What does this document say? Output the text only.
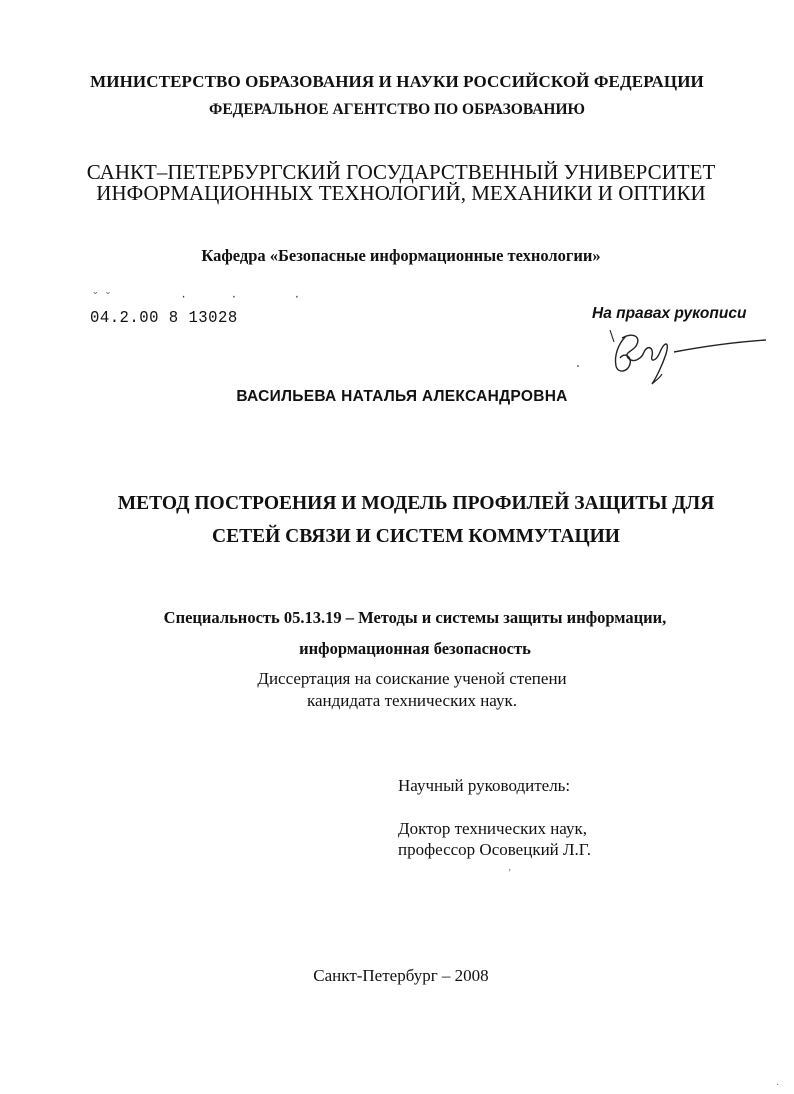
МИНИСТЕРСТВО ОБРАЗОВАНИЯ И НАУКИ РОССИЙСКОЙ ФЕДЕРАЦИИ
ФЕДЕРАЛЬНОЕ АГЕНТСТВО ПО ОБРАЗОВАНИЮ
САНКТ–ПЕТЕРБУРГСКИЙ ГОСУДАРСТВЕННЫЙ УНИВЕРСИТЕТ
ИНФОРМАЦИОННЫХ ТЕХНОЛОГИЙ, МЕХАНИКИ И ОПТИКИ
Кафедра «Безопасные информационные технологии»
˘˘     ·   ·    ·
04.2.00 8 13028	На правах рукописи
ВАСИЛЬЕВА НАТАЛЬЯ АЛЕКСАНДРОВНА
МЕТОД ПОСТРОЕНИЯ И МОДЕЛЬ ПРОФИЛЕЙ ЗАЩИТЫ ДЛЯ
СЕТЕЙ СВЯЗИ И СИСТЕМ КОММУТАЦИИ
Специальность 05.13.19 – Методы и системы защиты информации,
информационная безопасность
Диссертация на соискание ученой степени
кандидата технических наук.
Научный руководитель:
Доктор технических наук,
профессор Осовецкий Л.Г.
ʼ
·
Санкт-Петербург – 2008
